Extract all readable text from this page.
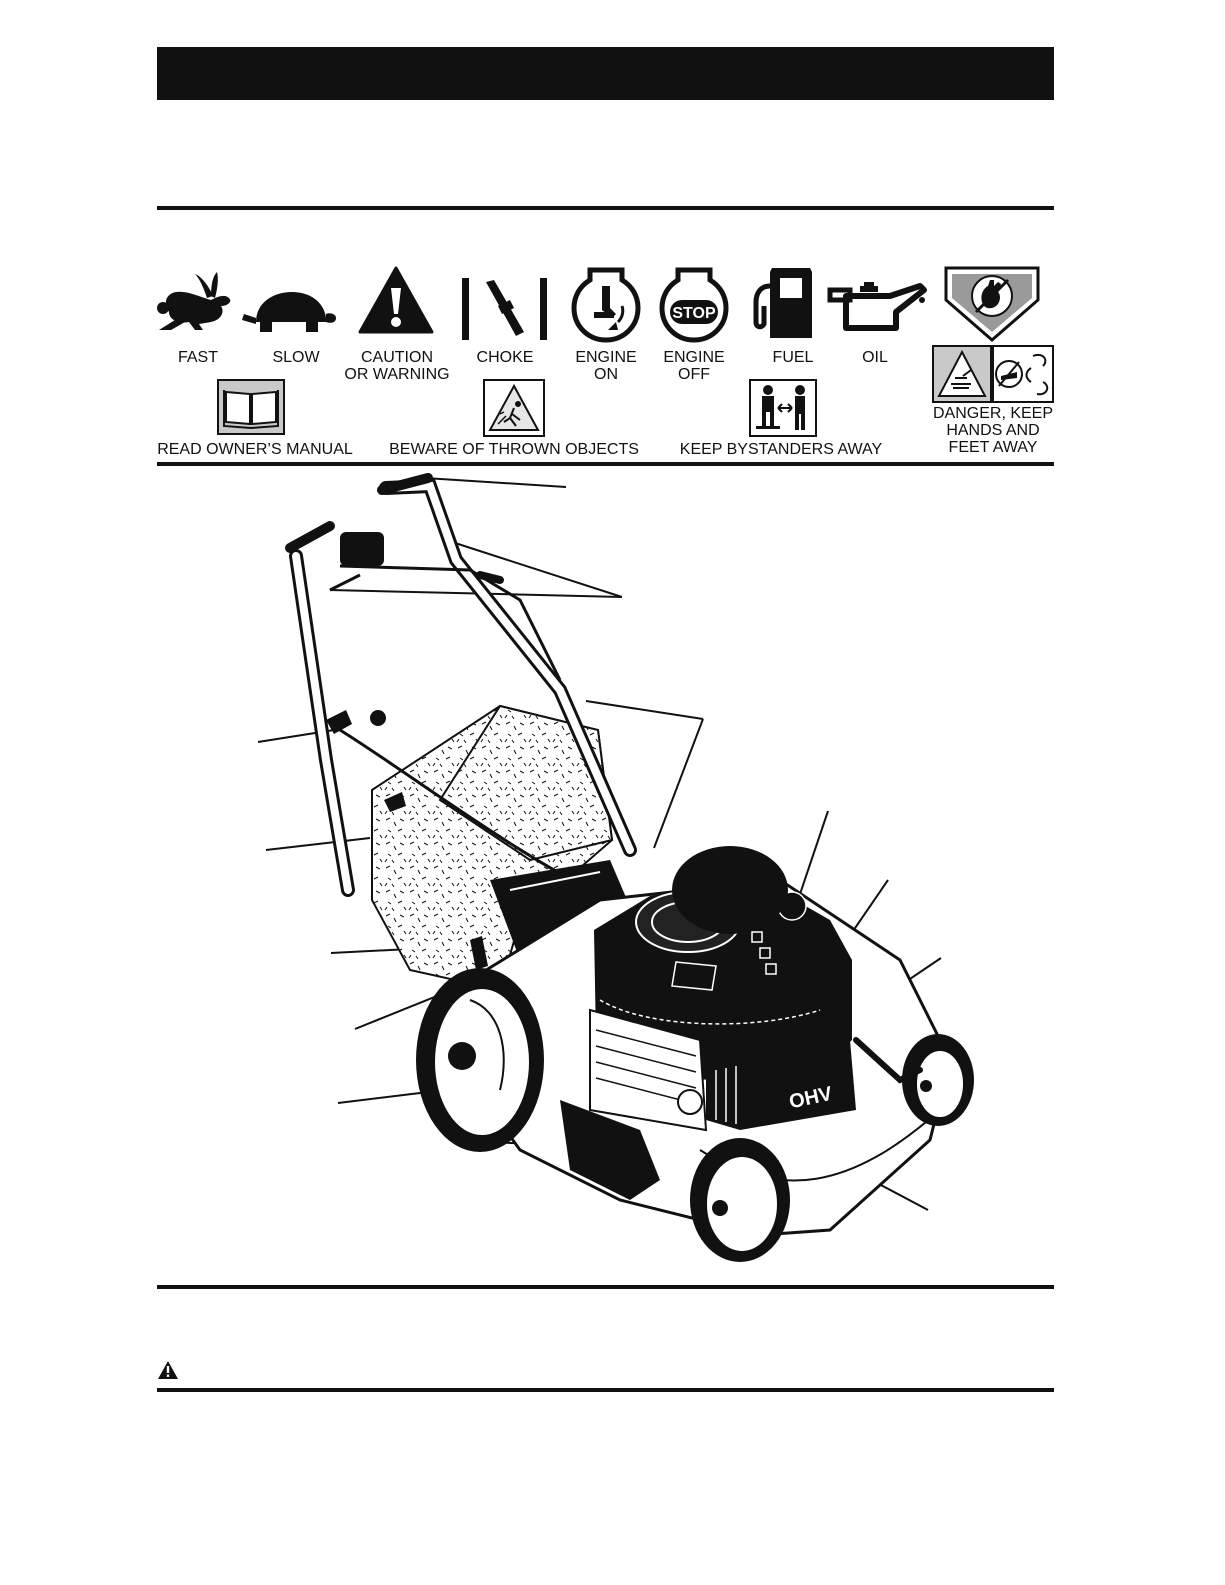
FAST	SLOW	CAUTION
OR WARNING
CHOKE	ENGINE
ON
STOP
ENGINE
OFF
FUEL	OIL
READ OWNER’S MANUAL BEWARE OF THROWN OBJECTS	KEEP BYSTANDERS AWAY
DANGER, KEEP
HANDS AND
FEET AWAY
OHV
